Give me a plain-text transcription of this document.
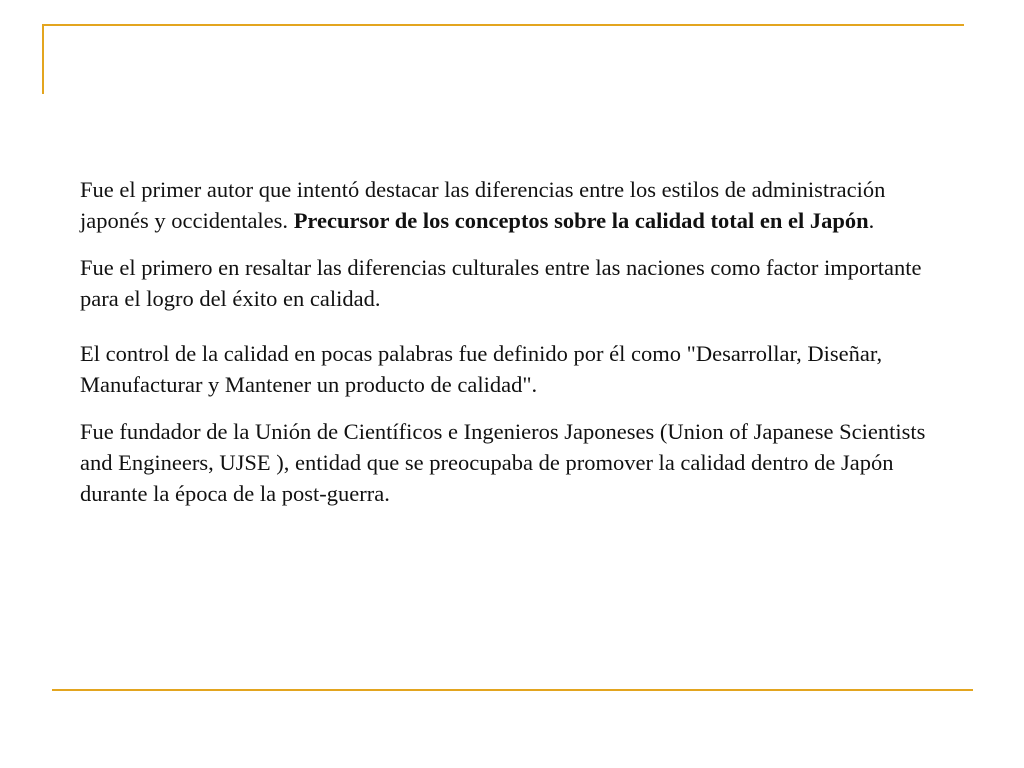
Fue el primer autor que intentó destacar las diferencias entre los estilos de administración japonés y occidentales. Precursor de los conceptos sobre la calidad total en el Japón.

Fue el primero en resaltar las diferencias culturales entre las naciones como factor importante para el logro del éxito en calidad.

El control de la calidad en pocas palabras fue definido por él como "Desarrollar, Diseñar, Manufacturar y Mantener un producto de calidad".

Fue fundador de la Unión de Científicos e Ingenieros Japoneses (Union of Japanese Scientists and Engineers, UJSE ), entidad que se preocupaba de promover la calidad dentro de Japón durante la época de la post-guerra.
